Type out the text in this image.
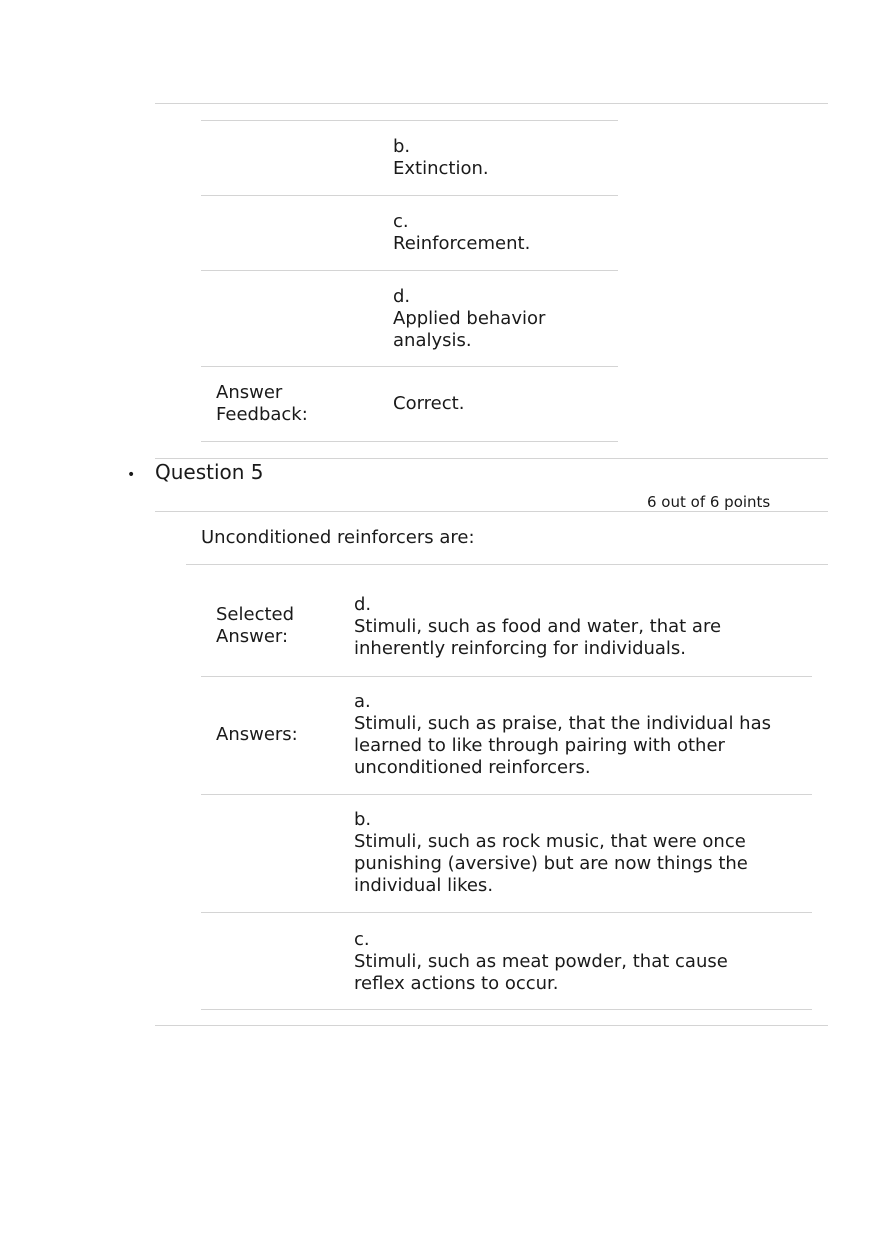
b.
Extinction.
c.
Reinforcement.
d.
Applied behavior
analysis.
Answer
Feedback:
Correct.
• Question 5
6 out of 6 points
Unconditioned reinforcers are:
Selected
Answer:
d.
Stimuli, such as food and water, that are
inherently reinforcing for individuals.
Answers:
a.
Stimuli, such as praise, that the individual has
learned to like through pairing with other
unconditioned reinforcers.
b.
Stimuli, such as rock music, that were once
punishing (aversive) but are now things the
individual likes.
c.
Stimuli, such as meat powder, that cause
reflex actions to occur.
